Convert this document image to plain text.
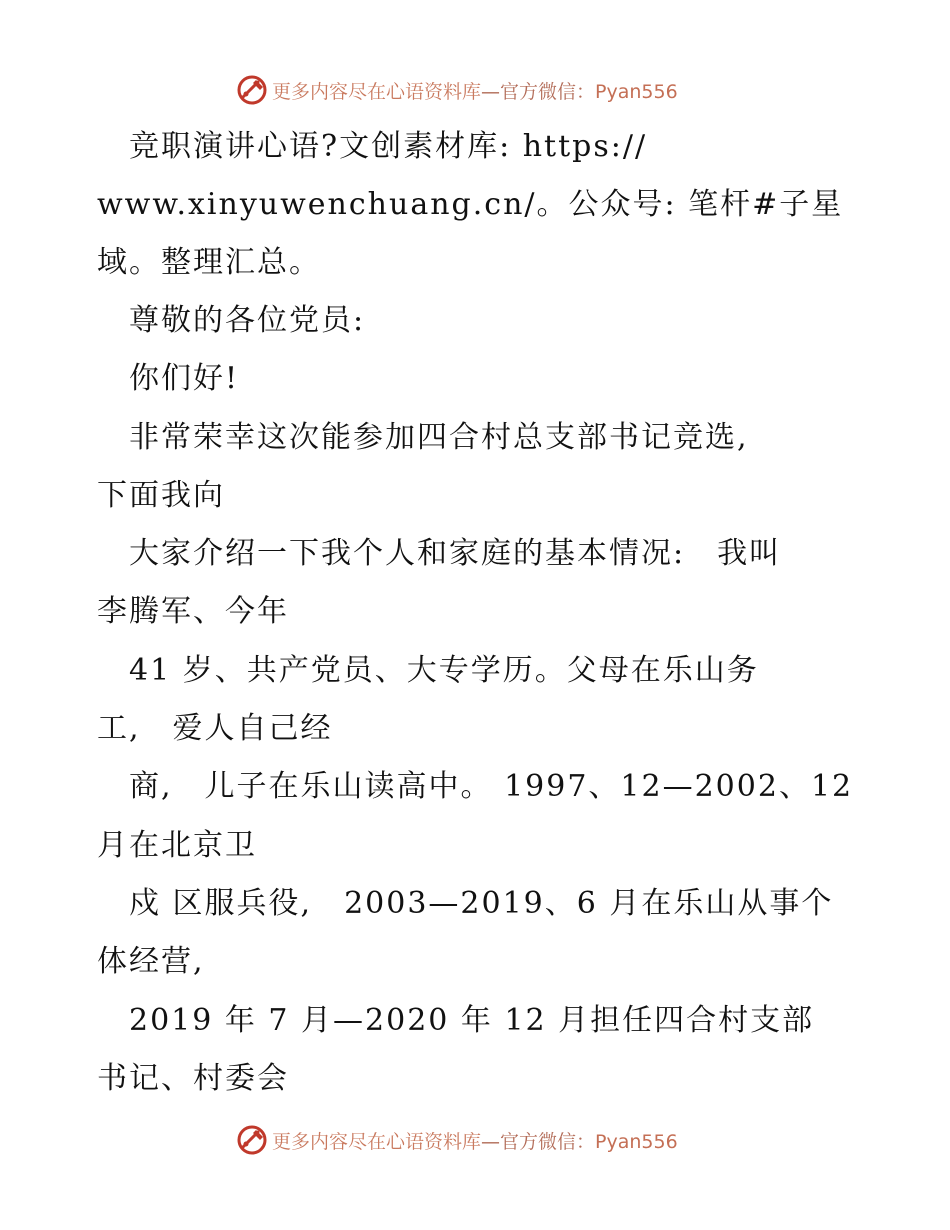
更多内容尽在心语资料库—官方微信：Pyan556
　竞职演讲心语?文创素材库: https://
www.xinyuwenchuang.cn/。公众号: 笔杆#子星
域。整理汇总。
　尊敬的各位党员:
　你们好!
　非常荣幸这次能参加四合村总支部书记竞选,
下面我向
　大家介绍一下我个人和家庭的基本情况:　我叫
李腾军、今年
　41 岁、共产党员、大专学历。父母在乐山务
工,　爱人自己经
　商,　儿子在乐山读高中。 1997、12—2002、12
月在北京卫
　戍 区服兵役,　2003—2019、6 月在乐山从事个
体经营,
　2019 年 7 月—2020 年 12 月担任四合村支部
书记、村委会
更多内容尽在心语资料库—官方微信：Pyan556
